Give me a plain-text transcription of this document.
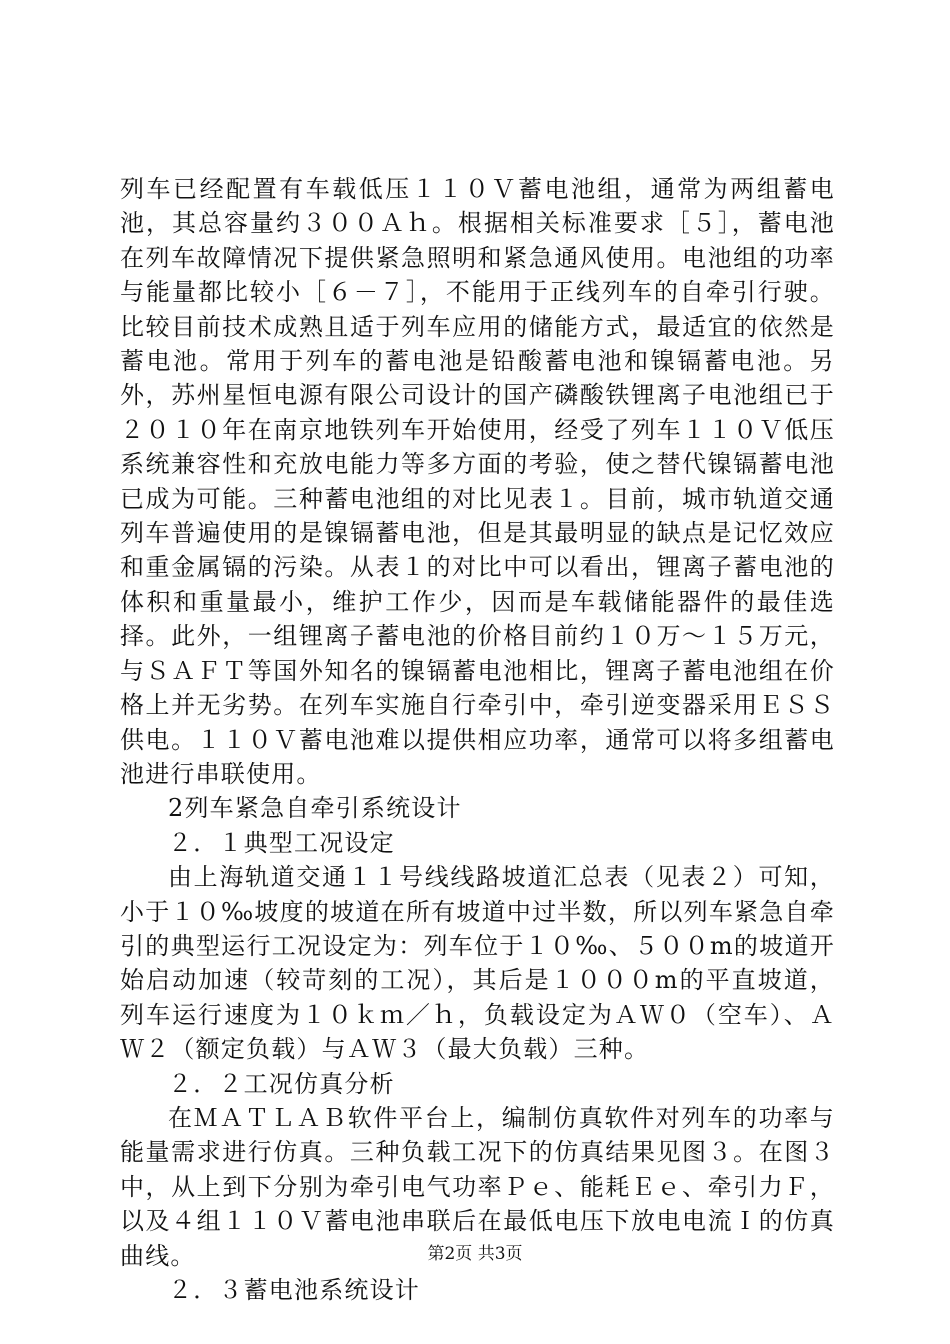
列车已经配置有车载低压１１０Ｖ蓄电池组，通常为两组蓄电池，其总容量约３００Ａｈ。根据相关标准要求［５］，蓄电池在列车故障情况下提供紧急照明和紧急通风使用。电池组的功率与能量都比较小［６－７］，不能用于正线列车的自牵引行驶。比较目前技术成熟且适于列车应用的储能方式，最适宜的依然是蓄电池。常用于列车的蓄电池是铅酸蓄电池和镍镉蓄电池。另外，苏州星恒电源有限公司设计的国产磷酸铁锂离子电池组已于２０１０年在南京地铁列车开始使用，经受了列车１１０Ｖ低压系统兼容性和充放电能力等多方面的考验，使之替代镍镉蓄电池已成为可能。三种蓄电池组的对比见表１。目前，城市轨道交通列车普遍使用的是镍镉蓄电池，但是其最明显的缺点是记忆效应和重金属镉的污染。从表１的对比中可以看出，锂离子蓄电池的体积和重量最小，维护工作少，因而是车载储能器件的最佳选择。此外，一组锂离子蓄电池的价格目前约１０万～１５万元，与ＳＡＦＴ等国外知名的镍镉蓄电池相比，锂离子蓄电池组在价格上并无劣势。在列车实施自行牵引中，牵引逆变器采用ＥＳＳ供电。１１０Ｖ蓄电池难以提供相应功率，通常可以将多组蓄电池进行串联使用。

2列车紧急自牵引系统设计

２．１典型工况设定

由上海轨道交通１１号线线路坡道汇总表（见表２）可知，小于１０‰坡度的坡道在所有坡道中过半数，所以列车紧急自牵引的典型运行工况设定为：列车位于１０‰、５００m的坡道开始启动加速（较苛刻的工况），其后是１０００m的平直坡道，列车运行速度为１０ｋｍ／ｈ，负载设定为ＡＷ０（空车）、ＡＷ２（额定负载）与ＡＷ３（最大负载）三种。

２．２工况仿真分析

在ＭＡＴＬＡＢ软件平台上，编制仿真软件对列车的功率与能量需求进行仿真。三种负载工况下的仿真结果见图３。在图３中，从上到下分别为牵引电气功率Ｐｅ、能耗Ｅｅ、牵引力Ｆ，以及４组１１０Ｖ蓄电池串联后在最低电压下放电电流Ｉ的仿真曲线。

２．３蓄电池系统设计

第2页 共3页
